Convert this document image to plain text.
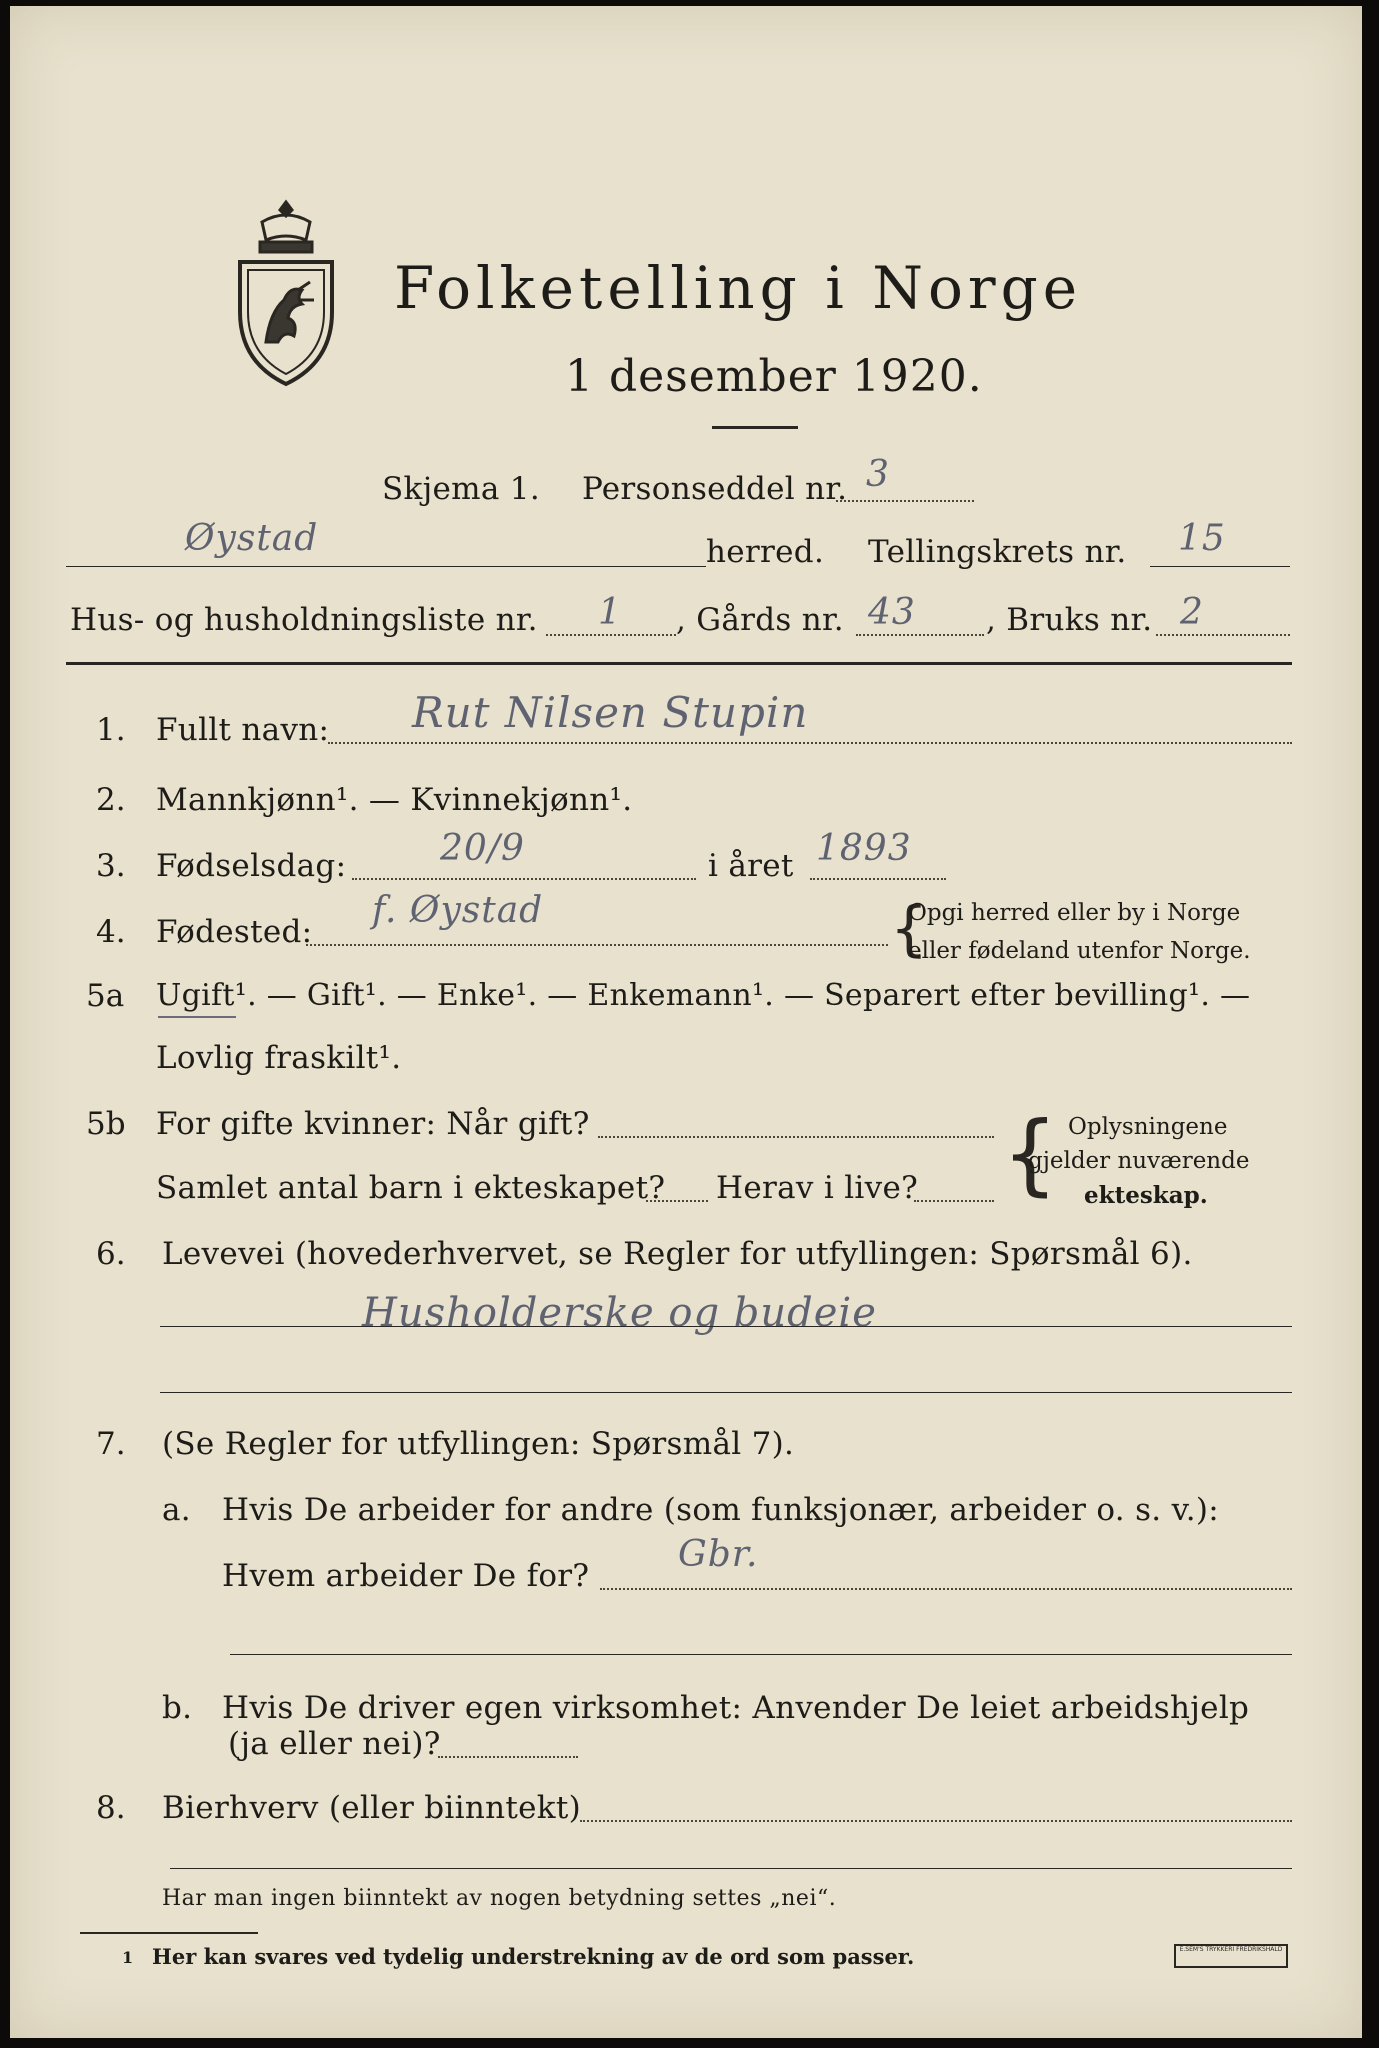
Folketelling i Norge
1 desember 1920.
Skjema 1. Personseddel nr. 3
Øystad	herred. Tellingskrets nr. 15
Hus- og husholdningsliste nr. 1 , Gårds nr. 43 , Bruks nr. 2
1. Fullt navn: Rut Nilsen Stupin
2. Mannkjønn¹. — Kvinnekjønn¹.
3. Fødselsdag:	20/9	i året 1893
4. Fødested:
f. Øystad	{
Opgi herred eller by i Norge
eller fødeland utenfor Norge.
5a Ugift¹. — Gift¹. — Enke¹. — Enkemann¹. — Separert efter bevilling¹. —
Lovlig fraskilt¹.
5b For gifte kvinner: Når gift?
Samlet antal barn i ekteskapet? Herav i live? { Oplysningene
gjelder nuværende
ekteskap.
6. Levevei (hovederhvervet, se Regler for utfyllingen: Spørsmål 6).
Husholderske og budeie
7. (Se Regler for utfyllingen: Spørsmål 7).
a. Hvis De arbeider for andre (som funksjonær, arbeider o. s. v.):
Hvem arbeider De for?
Gbr.
b. Hvis De driver egen virksomhet: Anvender De leiet arbeidshjelp
(ja eller nei)?
8. Bierhverv (eller biinntekt)
Har man ingen biinntekt av nogen betydning settes „nei“.
1 Her kan svares ved tydelig understrekning av de ord som passer.	E.SEM'S TRYKKERI FREDRIKSHALD
